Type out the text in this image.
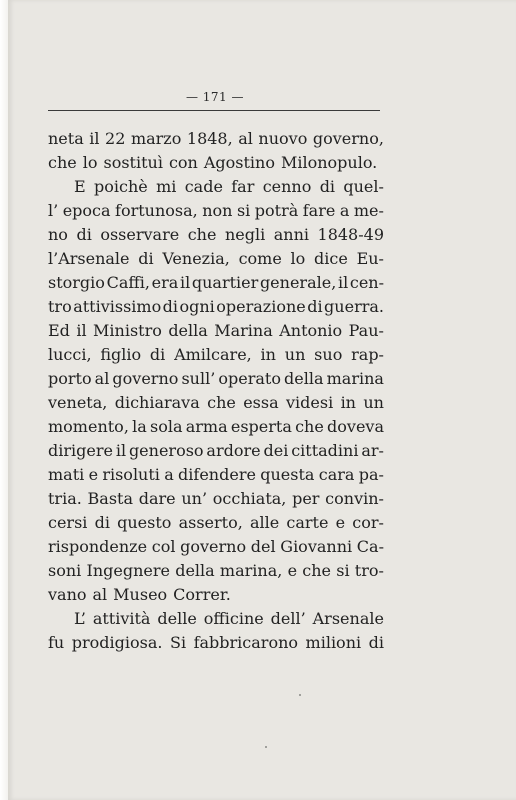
— 171 —
neta il 22 marzo 1848, al nuovo governo,
che lo sostituì con Agostino Milonopulo.
E poichè mi cade far cenno di quel-
l’ epoca fortunosa, non si potrà fare a me-
no di osservare che negli anni 1848-49
l’Arsenale di Venezia, come lo dice Eu-
storgio Caffi, era il quartier generale, il cen-
tro attivissimo di ogni operazione di guerra.
Ed il Ministro della Marina Antonio Pau-
lucci, figlio di Amilcare, in un suo rap-
porto al governo sull’ operato della marina
veneta, dichiarava che essa videsi in un
momento, la sola arma esperta che doveva
dirigere il generoso ardore dei cittadini ar-
mati e risoluti a difendere questa cara pa-
tria. Basta dare un’ occhiata, per convin-
cersi di questo asserto, alle carte e cor-
rispondenze col governo del Giovanni Ca-
soni Ingegnere della marina, e che si tro-
vano al Museo Correr.
L’ attività delle officine dell’ Arsenale
fu prodigiosa. Si fabbricarono milioni di
